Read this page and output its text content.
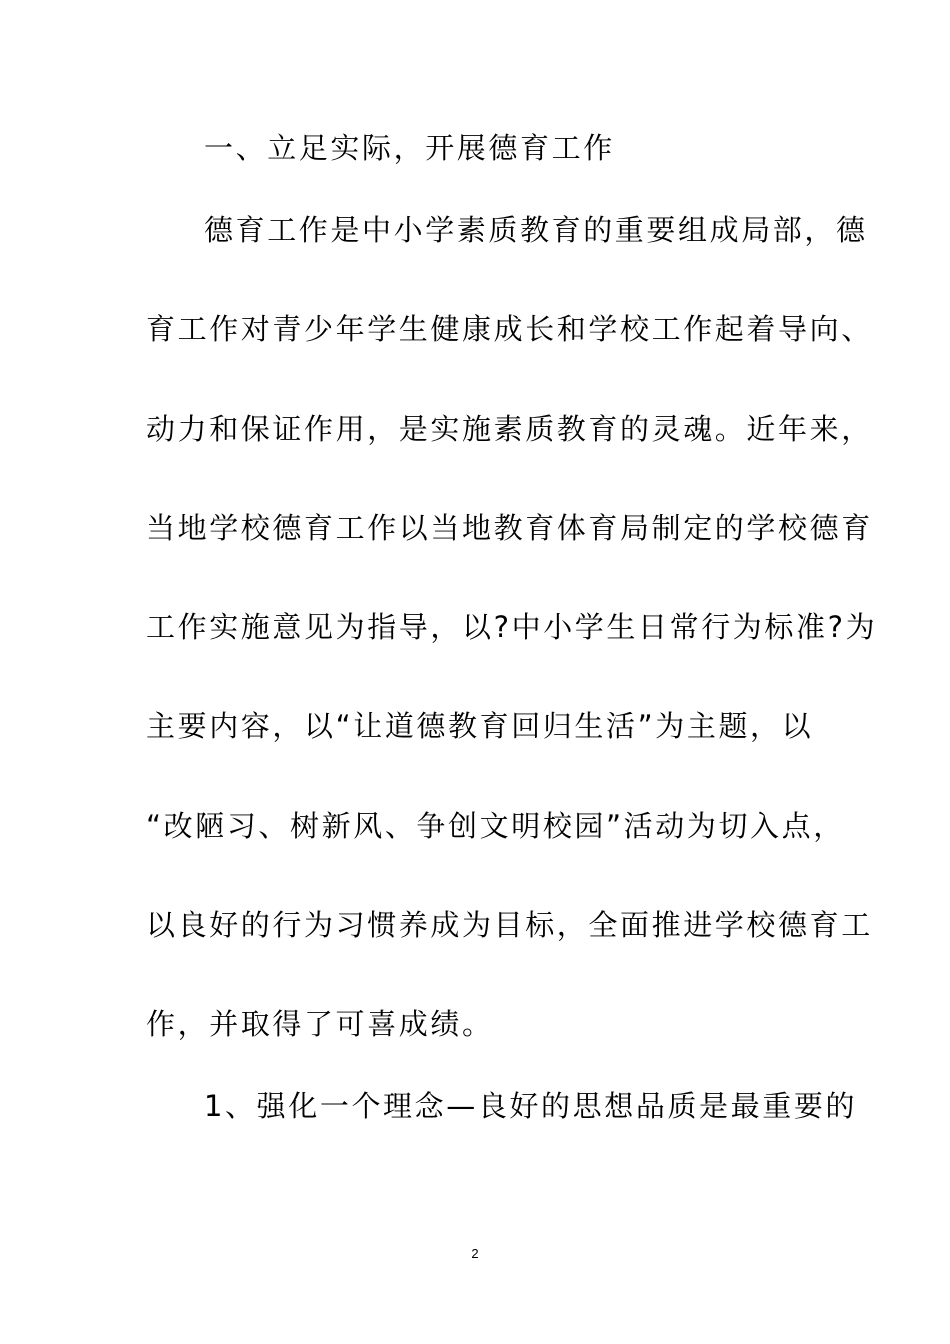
一、立足实际，开展德育工作
德育工作是中小学素质教育的重要组成局部，德
育工作对青少年学生健康成长和学校工作起着导向、
动力和保证作用，是实施素质教育的灵魂。近年来，
当地学校德育工作以当地教育体育局制定的学校德育
工作实施意见为指导，以?中小学生日常行为标准?为
主要内容，以“让道德教育回归生活”为主题，以
“改陋习、树新风、争创文明校园”活动为切入点，
以良好的行为习惯养成为目标，全面推进学校德育工
作，并取得了可喜成绩。
1、强化一个理念—良好的思想品质是最重要的
2
